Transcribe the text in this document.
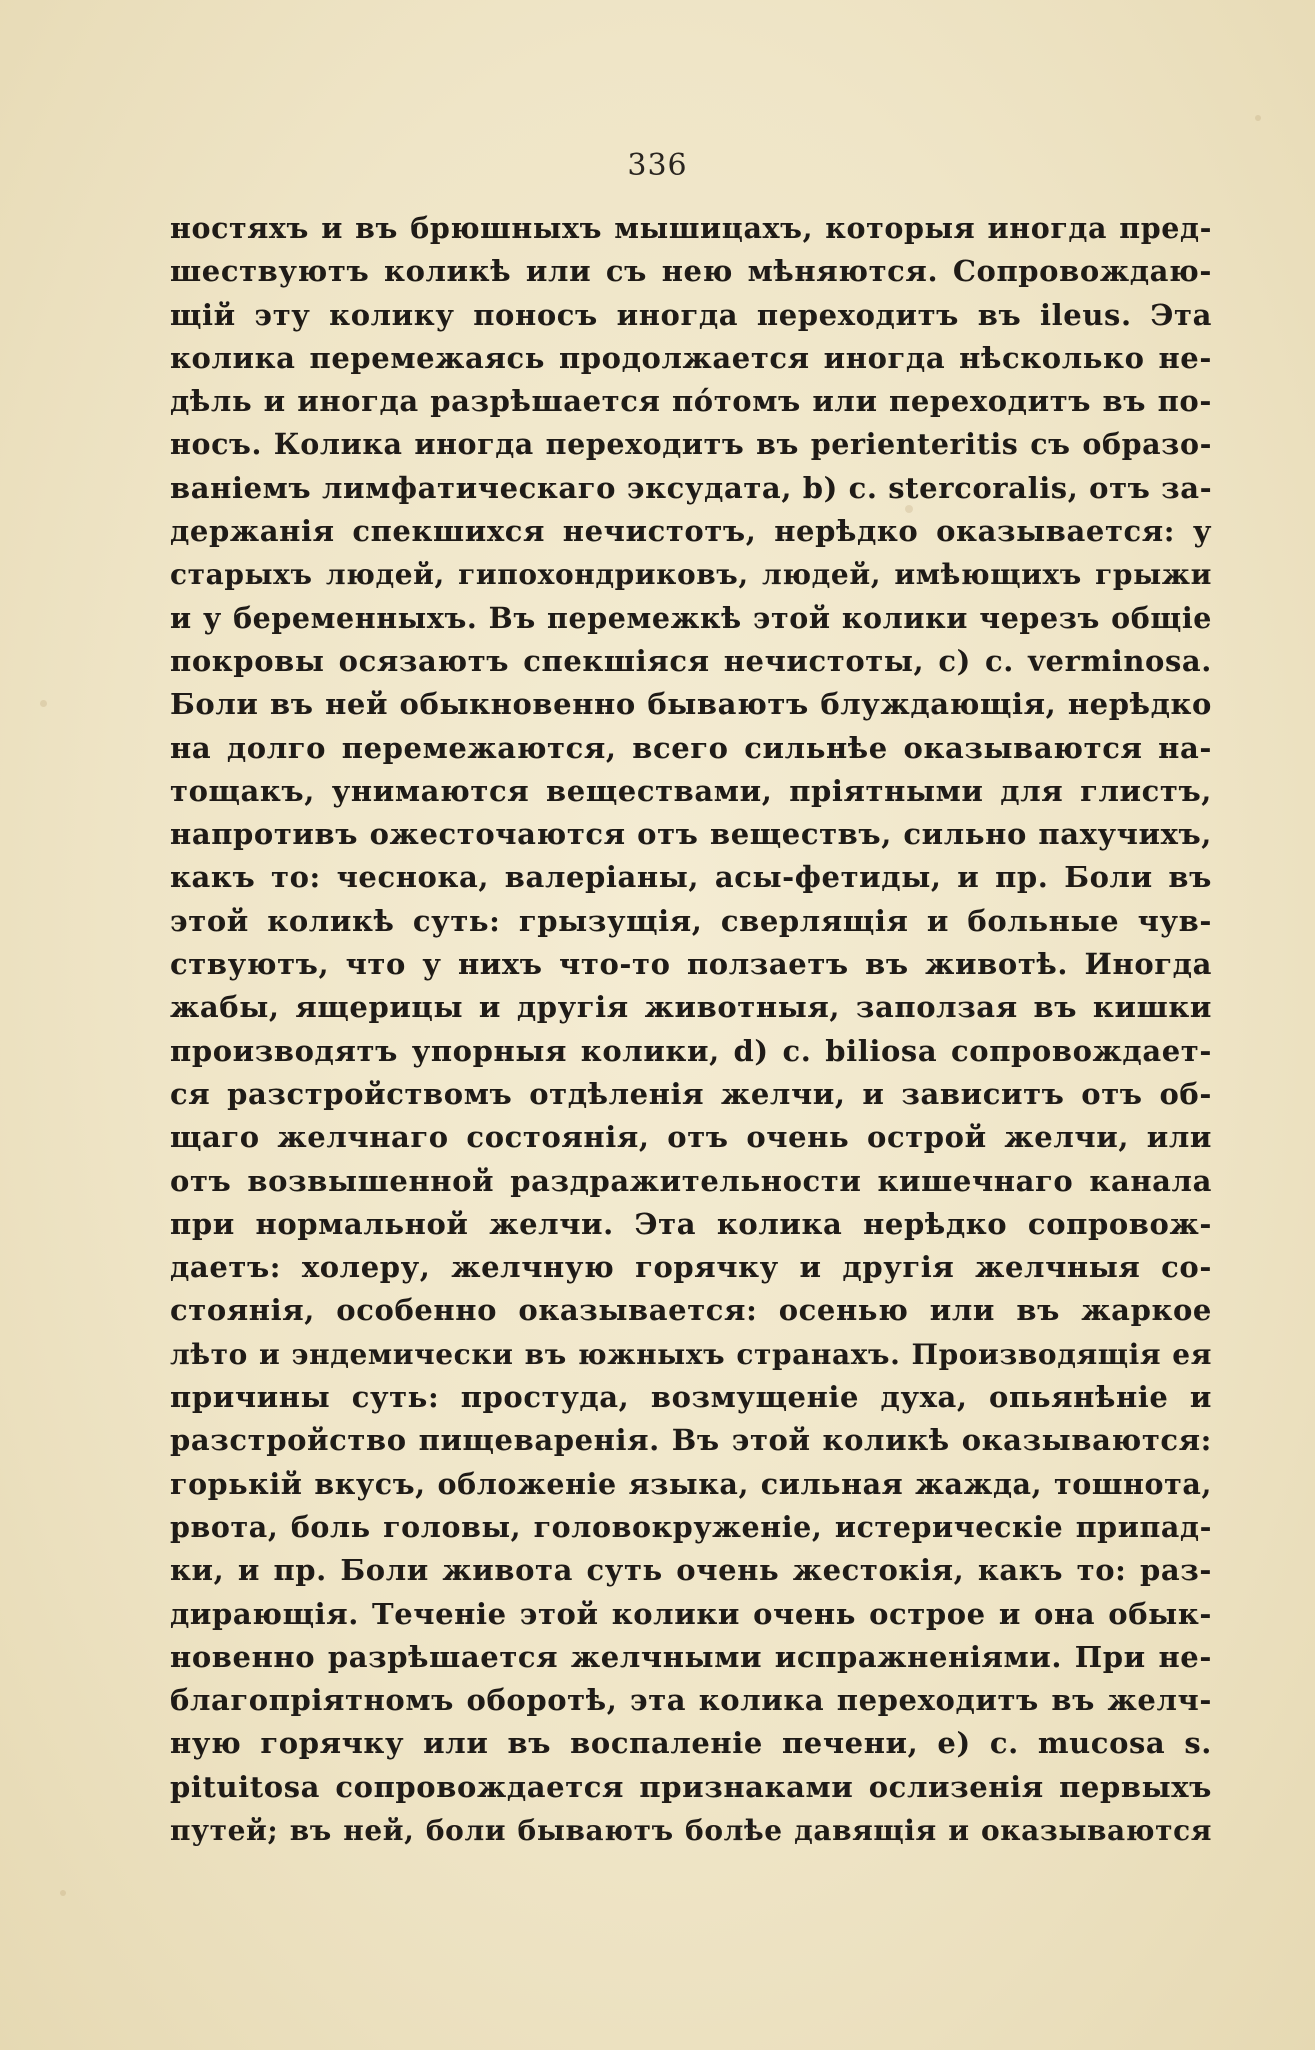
336
ностяхъ и въ брюшныхъ мышицахъ, которыя иногда пред-
шествуютъ коликѣ или съ нею мѣняются. Сопровождаю-
щій эту колику поносъ иногда переходитъ въ ileus. Эта
колика перемежаясь продолжается иногда нѣсколько не-
дѣль и иногда разрѣшается пóтомъ или переходитъ въ по-
носъ. Колика иногда переходитъ въ perienteritis съ образо-
ваніемъ лимфатическаго эксудата, b) c. stercoralis, отъ за-
держанія спекшихся нечистотъ, нерѣдко оказывается: у
старыхъ людей, гипохондриковъ, людей, имѣющихъ грыжи
и у беременныхъ. Въ перемежкѣ этой колики черезъ общіе
покровы осязаютъ спекшіяся нечистоты, c) c. verminosa.
Боли въ ней обыкновенно бываютъ блуждающія, нерѣдко
на долго перемежаются, всего сильнѣе оказываются на-
тощакъ, унимаются веществами, пріятными для глистъ,
напротивъ ожесточаются отъ веществъ, сильно пахучихъ,
какъ то: чеснока, валеріаны, асы-фетиды, и пр. Боли въ
этой коликѣ суть: грызущія, сверлящія и больные чув-
ствуютъ, что у нихъ что-то ползаетъ въ животѣ. Иногда
жабы, ящерицы и другія животныя, заползая въ кишки
производятъ упорныя колики, d) c. biliosa сопровождает-
ся разстройствомъ отдѣленія желчи, и зависитъ отъ об-
щаго желчнаго состоянія, отъ очень острой желчи, или
отъ возвышенной раздражительности кишечнаго канала
при нормальной желчи. Эта колика нерѣдко сопровож-
даетъ: холеру, желчную горячку и другія желчныя со-
стоянія, особенно оказывается: осенью или въ жаркое
лѣто и эндемически въ южныхъ странахъ. Производящія ея
причины суть: простуда, возмущеніе духа, опьянѣніе и
разстройство пищеваренія. Въ этой коликѣ оказываются:
горькій вкусъ, обложеніе языка, сильная жажда, тошнота,
рвота, боль головы, головокруженіе, истерическіе припад-
ки, и пр. Боли живота суть очень жестокія, какъ то: раз-
дирающія. Теченіе этой колики очень острое и она обык-
новенно разрѣшается желчными испражненіями. При не-
благопріятномъ оборотѣ, эта колика переходитъ въ желч-
ную горячку или въ воспаленіе печени, e) c. mucosa s.
pituitosa сопровождается признаками ослизенія первыхъ
путей; въ ней, боли бываютъ болѣе давящія и оказываются
